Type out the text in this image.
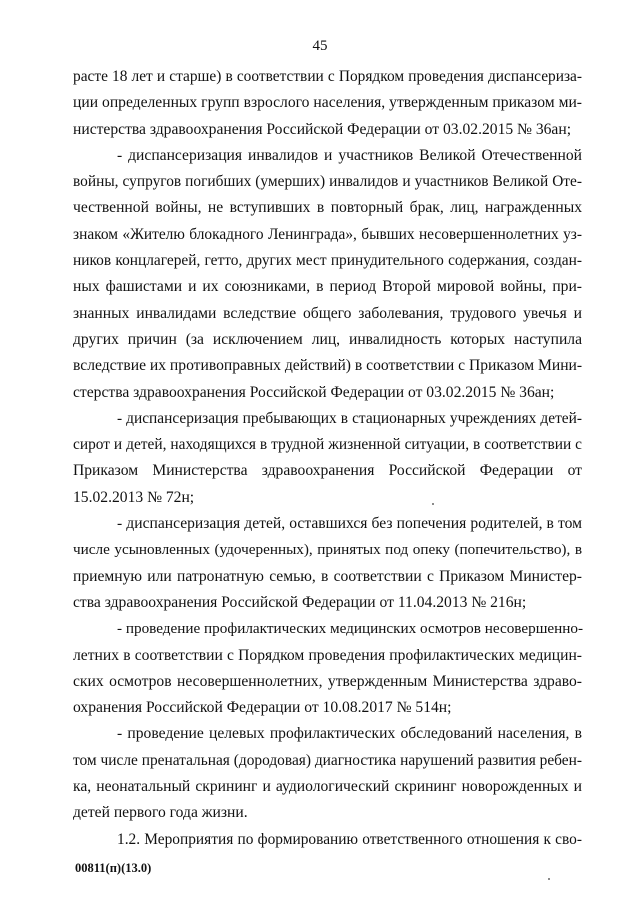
45
расте 18 лет и старше) в соответствии с Порядком проведения диспансериза-
ции определенных групп взрослого населения, утвержденным приказом ми-
нистерства здравоохранения Российской Федерации от 03.02.2015 № 36ан;
- диспансеризация инвалидов и участников Великой Отечественной
войны, супругов погибших (умерших) инвалидов и участников Великой Оте-
чественной войны, не вступивших в повторный брак, лиц, награжденных
знаком «Жителю блокадного Ленинграда», бывших несовершеннолетних уз-
ников концлагерей, гетто, других мест принудительного содержания, создан-
ных фашистами и их союзниками, в период Второй мировой войны, при-
знанных инвалидами вследствие общего заболевания, трудового увечья и
других причин (за исключением лиц, инвалидность которых наступила
вследствие их противоправных действий) в соответствии с Приказом Мини-
стерства здравоохранения Российской Федерации от 03.02.2015 № 36ан;
- диспансеризация пребывающих в стационарных учреждениях детей-
сирот и детей, находящихся в трудной жизненной ситуации, в соответствии с
Приказом Министерства здравоохранения Российской Федерации от
15.02.2013 № 72н;
- диспансеризация детей, оставшихся без попечения родителей, в том
числе усыновленных (удочеренных), принятых под опеку (попечительство), в
приемную или патронатную семью, в соответствии с Приказом Министер-
ства здравоохранения Российской Федерации от 11.04.2013 № 216н;
- проведение профилактических медицинских осмотров несовершенно-
летних в соответствии с Порядком проведения профилактических медицин-
ских осмотров несовершеннолетних, утвержденным Министерства здраво-
охранения Российской Федерации от 10.08.2017 № 514н;
- проведение целевых профилактических обследований населения, в
том числе пренатальная (дородовая) диагностика нарушений развития ребен-
ка, неонатальный скрининг и аудиологический скрининг новорожденных и
детей первого года жизни.
1.2. Мероприятия по формированию ответственного отношения к сво-
00811(п)(13.0)
